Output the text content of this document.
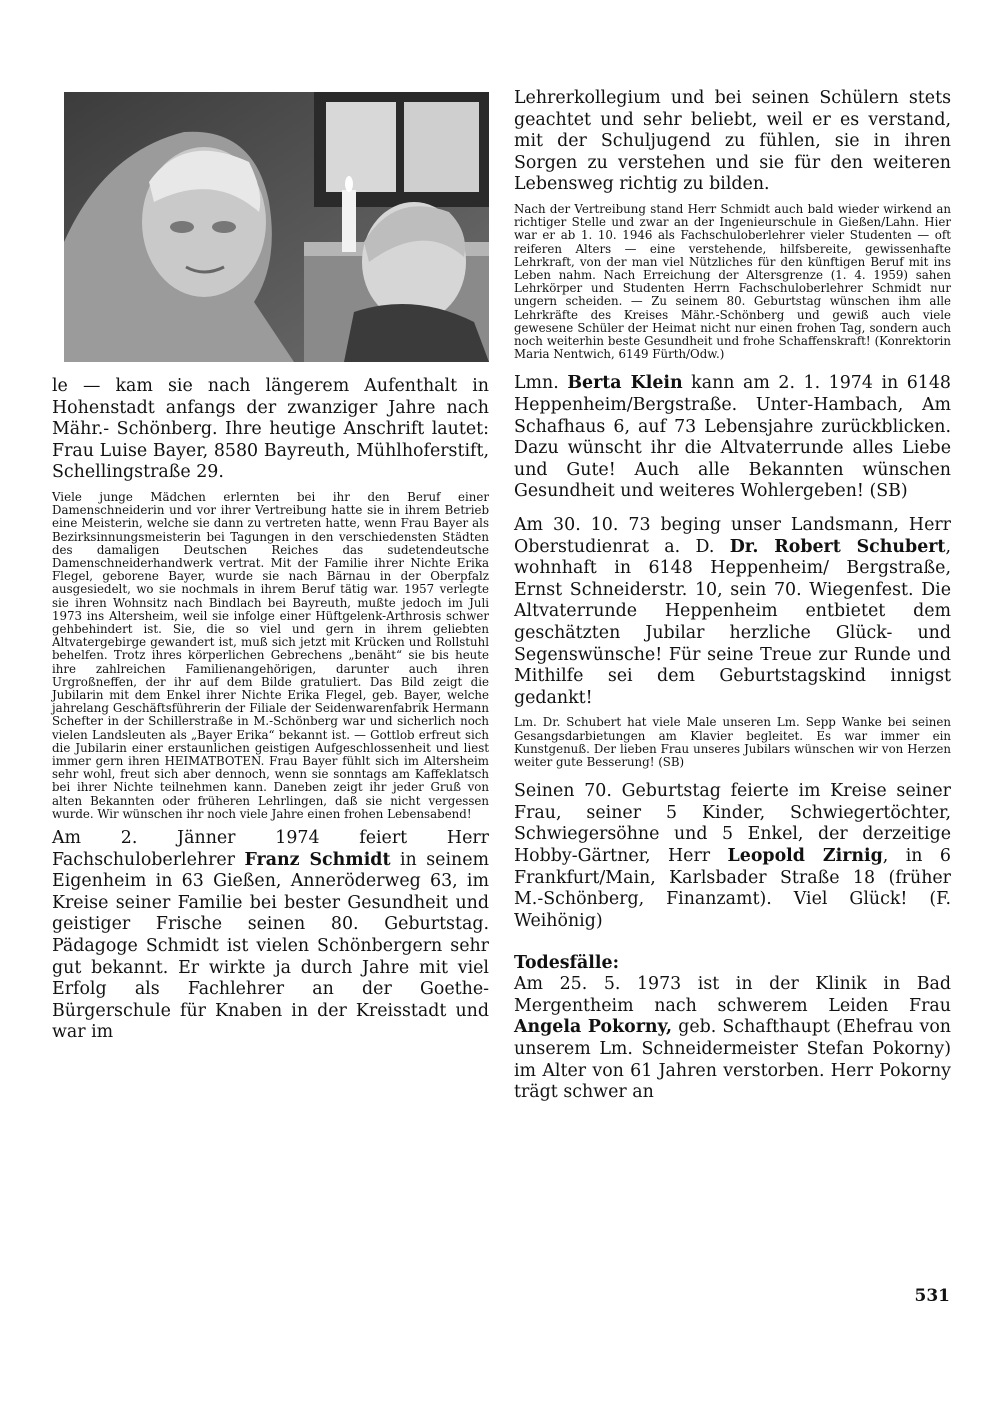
le — kam sie nach längerem Aufenthalt in Hohenstadt anfangs der zwanziger Jahre nach Mähr.- Schönberg. Ihre heutige Anschrift lautet: Frau Luise Bayer, 8580 Bayreuth, Mühlhoferstift, Schellingstraße 29.

Viele junge Mädchen erlernten bei ihr den Beruf einer Damenschneiderin und vor ihrer Vertreibung hatte sie in ihrem Betrieb eine Meisterin, welche sie dann zu vertreten hatte, wenn Frau Bayer als Bezirksinnungsmeisterin bei Tagungen in den verschiedensten Städten des damaligen Deutschen Reiches das sudetendeutsche Damenschneiderhandwerk vertrat. Mit der Familie ihrer Nichte Erika Flegel, geborene Bayer, wurde sie nach Bärnau in der Oberpfalz ausgesiedelt, wo sie nochmals in ihrem Beruf tätig war. 1957 verlegte sie ihren Wohnsitz nach Bindlach bei Bayreuth, mußte jedoch im Juli 1973 ins Altersheim, weil sie infolge einer Hüftgelenk-Arthrosis schwer gehbehindert ist. Sie, die so viel und gern in ihrem geliebten Altvatergebirge gewandert ist, muß sich jetzt mit Krücken und Rollstuhl behelfen. Trotz ihres körperlichen Gebrechens „benäht“ sie bis heute ihre zahlreichen Familienangehörigen, darunter auch ihren Urgroßneffen, der ihr auf dem Bilde gratuliert. Das Bild zeigt die Jubilarin mit dem Enkel ihrer Nichte Erika Flegel, geb. Bayer, welche jahrelang Geschäftsführerin der Filiale der Seidenwarenfabrik Hermann Schefter in der Schillerstraße in M.-Schönberg war und sicherlich noch vielen Landsleuten als „Bayer Erika“ bekannt ist. — Gottlob erfreut sich die Jubilarin einer erstaunlichen geistigen Aufgeschlossenheit und liest immer gern ihren HEIMATBOTEN. Frau Bayer fühlt sich im Altersheim sehr wohl, freut sich aber dennoch, wenn sie sonntags am Kaffeklatsch bei ihrer Nichte teilnehmen kann. Daneben zeigt ihr jeder Gruß von alten Bekannten oder früheren Lehrlingen, daß sie nicht vergessen wurde. Wir wünschen ihr noch viele Jahre einen frohen Lebensabend!

Am 2. Jänner 1974 feiert Herr Fachschuloberlehrer Franz Schmidt in seinem Eigenheim in 63 Gießen, Anneröderweg 63, im Kreise seiner Familie bei bester Gesundheit und geistiger Frische seinen 80. Geburtstag. Pädagoge Schmidt ist vielen Schönbergern sehr gut bekannt. Er wirkte ja durch Jahre mit viel Erfolg als Fachlehrer an der Goethe-Bürgerschule für Knaben in der Kreisstadt und war im

Lehrerkollegium und bei seinen Schülern stets geachtet und sehr beliebt, weil er es verstand, mit der Schuljugend zu fühlen, sie in ihren Sorgen zu verstehen und sie für den weiteren Lebensweg richtig zu bilden.

Nach der Vertreibung stand Herr Schmidt auch bald wieder wirkend an richtiger Stelle und zwar an der Ingenieurschule in Gießen/Lahn. Hier war er ab 1. 10. 1946 als Fachschuloberlehrer vieler Studenten — oft reiferen Alters — eine verstehende, hilfsbereite, gewissenhafte Lehrkraft, von der man viel Nützliches für den künftigen Beruf mit ins Leben nahm. Nach Erreichung der Altersgrenze (1. 4. 1959) sahen Lehrkörper und Studenten Herrn Fachschuloberlehrer Schmidt nur ungern scheiden. — Zu seinem 80. Geburtstag wünschen ihm alle Lehrkräfte des Kreises Mähr.-Schönberg und gewiß auch viele gewesene Schüler der Heimat nicht nur einen frohen Tag, sondern auch noch weiterhin beste Gesundheit und frohe Schaffenskraft! (Konrektorin Maria Nentwich, 6149 Fürth/Odw.)

Lmn. Berta Klein kann am 2. 1. 1974 in 6148 Heppenheim/Bergstraße. Unter-Hambach, Am Schafhaus 6, auf 73 Lebensjahre zurückblicken. Dazu wünscht ihr die Altvaterrunde alles Liebe und Gute! Auch alle Bekannten wünschen Gesundheit und weiteres Wohlergeben! (SB)

Am 30. 10. 73 beging unser Landsmann, Herr Oberstudienrat a. D. Dr. Robert Schubert, wohnhaft in 6148 Heppenheim/ Bergstraße, Ernst Schneiderstr. 10, sein 70. Wiegenfest. Die Altvaterrunde Heppenheim entbietet dem geschätzten Jubilar herzliche Glück- und Segenswünsche! Für seine Treue zur Runde und Mithilfe sei dem Geburtstagskind innigst gedankt!

Lm. Dr. Schubert hat viele Male unseren Lm. Sepp Wanke bei seinen Gesangsdarbietungen am Klavier begleitet. Es war immer ein Kunstgenuß. Der lieben Frau unseres Jubilars wünschen wir von Herzen weiter gute Besserung! (SB)

Seinen 70. Geburtstag feierte im Kreise seiner Frau, seiner 5 Kinder, Schwiegertöchter, Schwiegersöhne und 5 Enkel, der derzeitige Hobby-Gärtner, Herr Leopold Zirnig, in 6 Frankfurt/Main, Karlsbader Straße 18 (früher M.-Schönberg, Finanzamt). Viel Glück! (F. Weihönig)

Todesfälle:

Am 25. 5. 1973 ist in der Klinik in Bad Mergentheim nach schwerem Leiden Frau Angela Pokorny, geb. Schafthaupt (Ehefrau von unserem Lm. Schneidermeister Stefan Pokorny) im Alter von 61 Jahren verstorben. Herr Pokorny trägt schwer an

531
